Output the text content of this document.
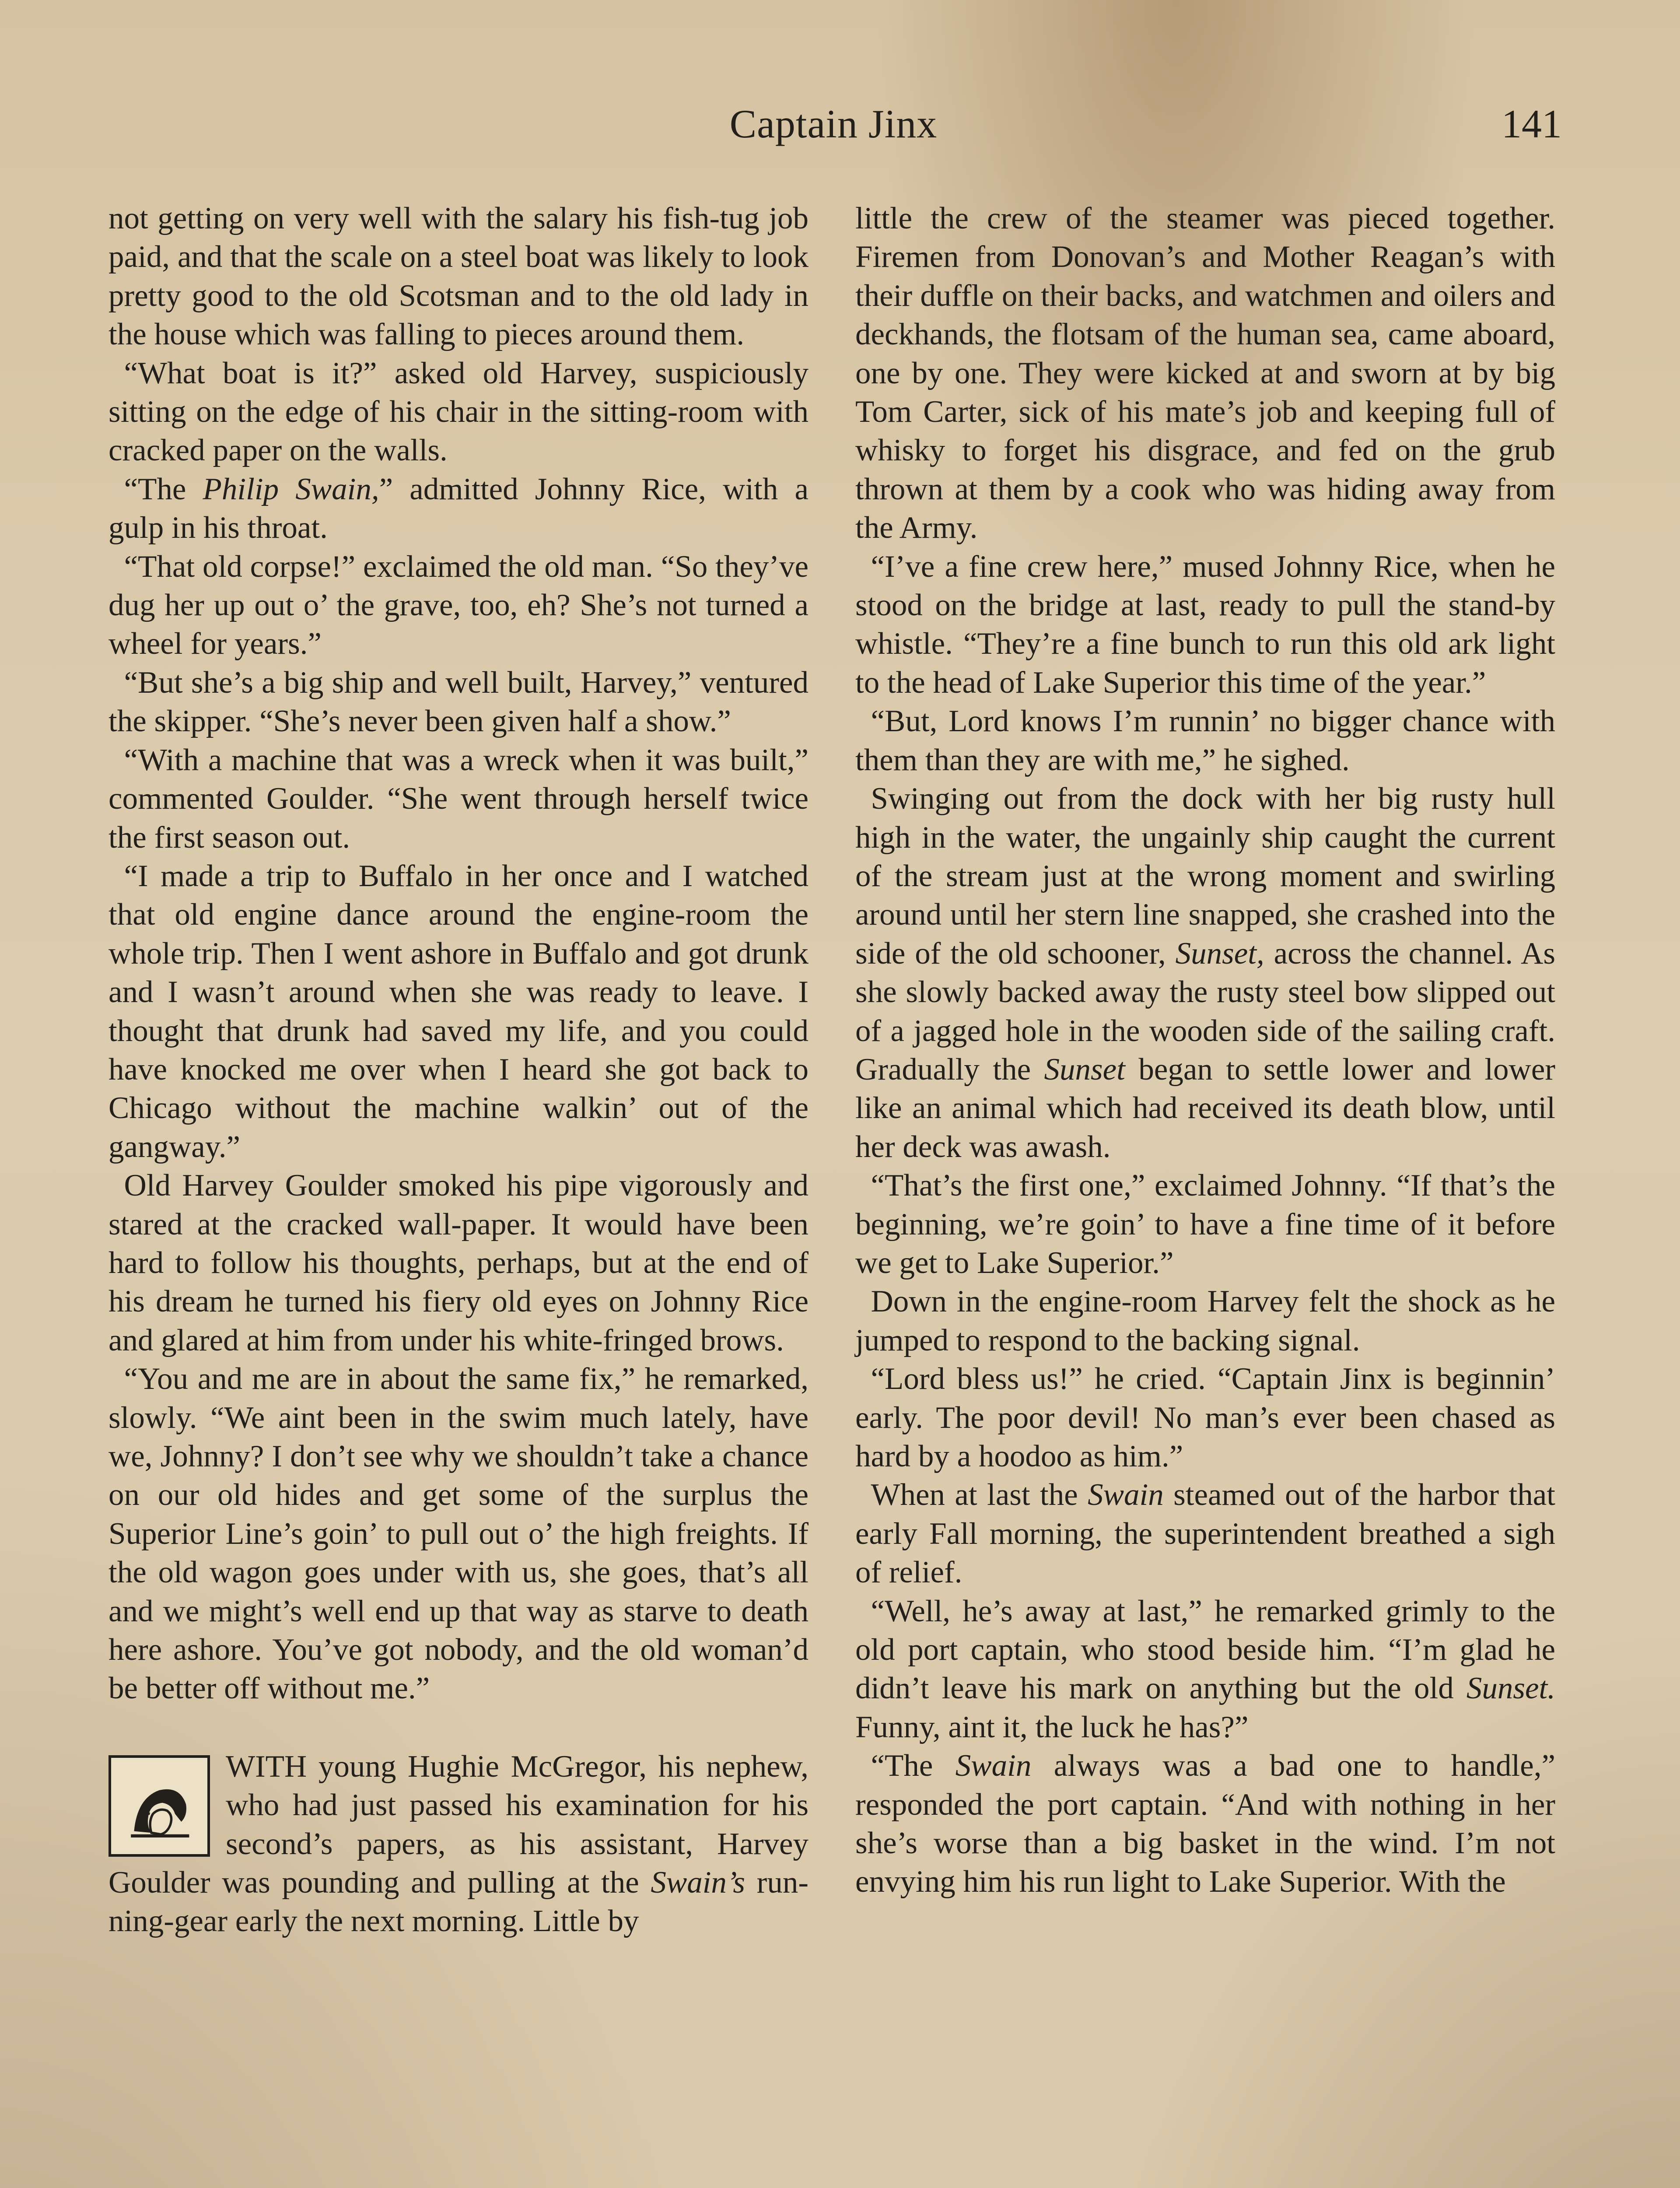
Captain Jinx	141

not getting on very well with the salary his fish-tug job paid, and that the scale on a steel boat was likely to look pretty good to the old Scotsman and to the old lady in the house which was falling to pieces around them.

“What boat is it?” asked old Harvey, suspiciously sitting on the edge of his chair in the sitting-room with cracked paper on the walls.

“The Philip Swain,” admitted Johnny Rice, with a gulp in his throat.

“That old corpse!” exclaimed the old man. “So they’ve dug her up out o’ the grave, too, eh? She’s not turned a wheel for years.”

“But she’s a big ship and well built, Harvey,” ventured the skipper. “She’s never been given half a show.”

“With a machine that was a wreck when it was built,” commented Goulder. “She went through herself twice the first season out.

“I made a trip to Buffalo in her once and I watched that old engine dance around the engine-room the whole trip. Then I went ashore in Buffalo and got drunk and I wasn’t around when she was ready to leave. I thought that drunk had saved my life, and you could have knocked me over when I heard she got back to Chicago without the machine walkin’ out of the gangway.”

Old Harvey Goulder smoked his pipe vigorously and stared at the cracked wall-paper. It would have been hard to follow his thoughts, perhaps, but at the end of his dream he turned his fiery old eyes on Johnny Rice and glared at him from under his white-fringed brows.

“You and me are in about the same fix,” he remarked, slowly. “We aint been in the swim much lately, have we, Johnny? I don’t see why we shouldn’t take a chance on our old hides and get some of the surplus the Superior Line’s goin’ to pull out o’ the high freights. If the old wagon goes under with us, she goes, that’s all and we might’s well end up that way as starve to death here ashore. You’ve got nobody, and the old woman’d be better off without me.”

WITH young Hughie McGregor, his nephew, who had just passed his examination for his second’s papers, as his assistant, Harvey Goulder was pounding and pulling at the Swain’s running-gear early the next morning. Little by

little the crew of the steamer was pieced together. Firemen from Donovan’s and Mother Reagan’s with their duffle on their backs, and watchmen and oilers and deckhands, the flotsam of the human sea, came aboard, one by one. They were kicked at and sworn at by big Tom Carter, sick of his mate’s job and keeping full of whisky to forget his disgrace, and fed on the grub thrown at them by a cook who was hiding away from the Army.

“I’ve a fine crew here,” mused Johnny Rice, when he stood on the bridge at last, ready to pull the stand-by whistle. “They’re a fine bunch to run this old ark light to the head of Lake Superior this time of the year.”

“But, Lord knows I’m runnin’ no bigger chance with them than they are with me,” he sighed.

Swinging out from the dock with her big rusty hull high in the water, the ungainly ship caught the current of the stream just at the wrong moment and swirling around until her stern line snapped, she crashed into the side of the old schooner, Sunset, across the channel. As she slowly backed away the rusty steel bow slipped out of a jagged hole in the wooden side of the sailing craft. Gradually the Sunset began to settle lower and lower like an animal which had received its death blow, until her deck was awash.

“That’s the first one,” exclaimed Johnny. “If that’s the beginning, we’re goin’ to have a fine time of it before we get to Lake Superior.”

Down in the engine-room Harvey felt the shock as he jumped to respond to the backing signal.

“Lord bless us!” he cried. “Captain Jinx is beginnin’ early. The poor devil! No man’s ever been chased as hard by a hoodoo as him.”

When at last the Swain steamed out of the harbor that early Fall morning, the superintendent breathed a sigh of relief.

“Well, he’s away at last,” he remarked grimly to the old port captain, who stood beside him. “I’m glad he didn’t leave his mark on anything but the old Sunset. Funny, aint it, the luck he has?”

“The Swain always was a bad one to handle,” responded the port captain. “And with nothing in her she’s worse than a big basket in the wind. I’m not envying him his run light to Lake Superior. With the
